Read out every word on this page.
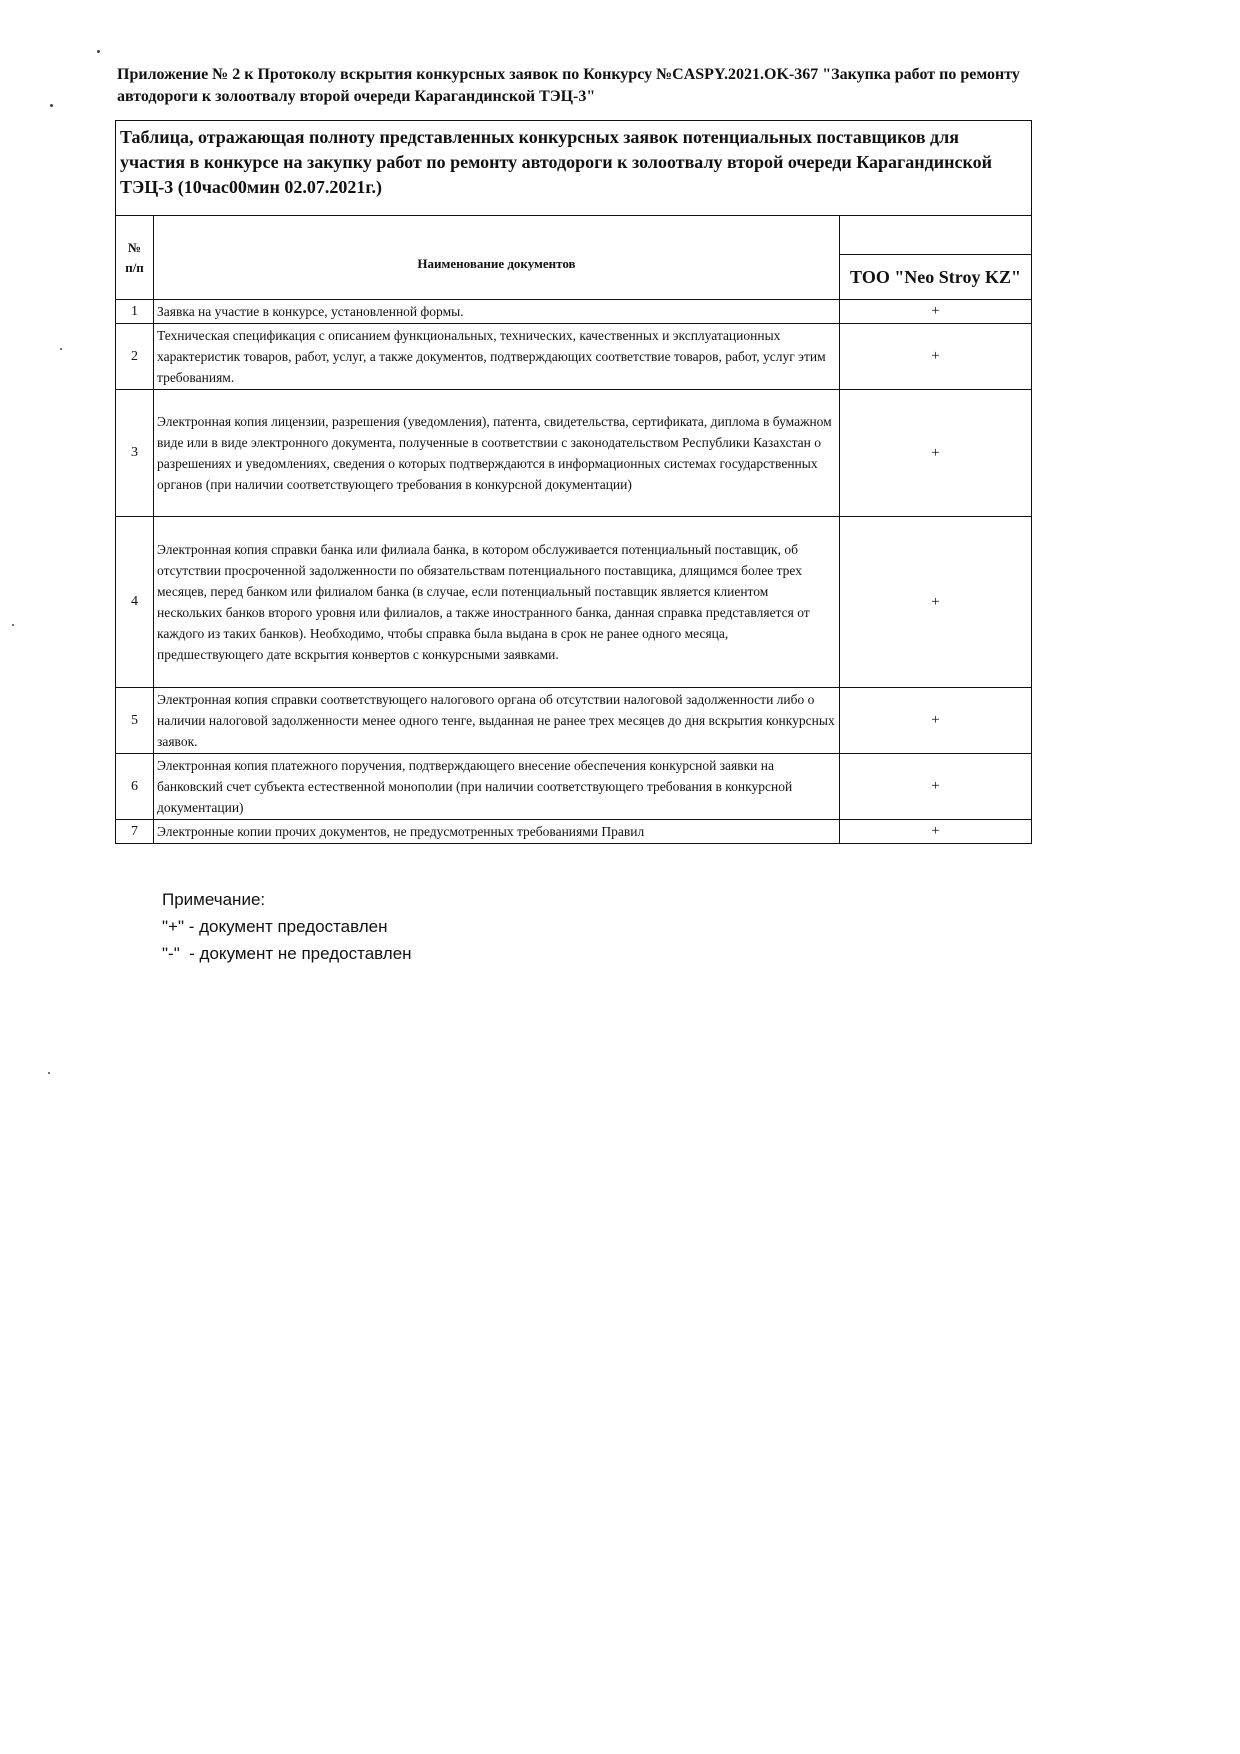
Приложение № 2 к Протоколу вскрытия конкурсных заявок по Конкурсу №CASPY.2021.OK-367 "Закупка работ по ремонту автодороги к золоотвалу второй очереди Карагандинской ТЭЦ-3"
Таблица, отражающая полноту представленных конкурсных заявок потенциальных поставщиков для участия в конкурсе на закупку работ по ремонту автодороги к золоотвалу второй очереди Карагандинской ТЭЦ-3 (10час00мин 02.07.2021г.)		

№
п/п	Наименование документов	
		ТОО "Neo Stroy KZ"
1	Заявка на участие в конкурсе, установленной формы.	+
2	Техническая спецификация с описанием функциональных, технических, качественных и эксплуатационных характеристик товаров, работ, услуг, а также документов, подтверждающих соответствие товаров, работ, услуг этим требованиям.	+
3	Электронная копия лицензии, разрешения (уведомления), патента, свидетельства, сертификата, диплома в бумажном виде или в виде электронного документа, полученные в соответствии с законодательством Республики Казахстан о разрешениях и уведомлениях, сведения о которых подтверждаются в информационных системах государственных органов (при наличии соответствующего требования в конкурсной документации)	+
4	Электронная копия справки банка или филиала банка, в котором обслуживается потенциальный поставщик, об отсутствии просроченной задолженности по обязательствам потенциального поставщика, длящимся более трех месяцев, перед банком или филиалом банка (в случае, если потенциальный поставщик является клиентом нескольких банков второго уровня или филиалов, а также иностранного банка, данная справка представляется от каждого из таких банков). Необходимо, чтобы справка была выдана в срок не ранее одного месяца, предшествующего дате вскрытия конвертов с конкурсными заявками.	+
5	Электронная копия справки соответствующего налогового органа об отсутствии налоговой задолженности либо о наличии налоговой задолженности менее одного тенге, выданная не ранее трех месяцев до дня вскрытия конкурсных заявок.	+
6	Электронная копия платежного поручения, подтверждающего внесение обеспечения конкурсной заявки на банковский счет субъекта естественной монополии (при наличии соответствующего требования в конкурсной документации)	+
7	Электронные копии прочих документов, не предусмотренных требованиями Правил	+
Примечание:
"+" - документ предоставлен
"-"  - документ не предоставлен
